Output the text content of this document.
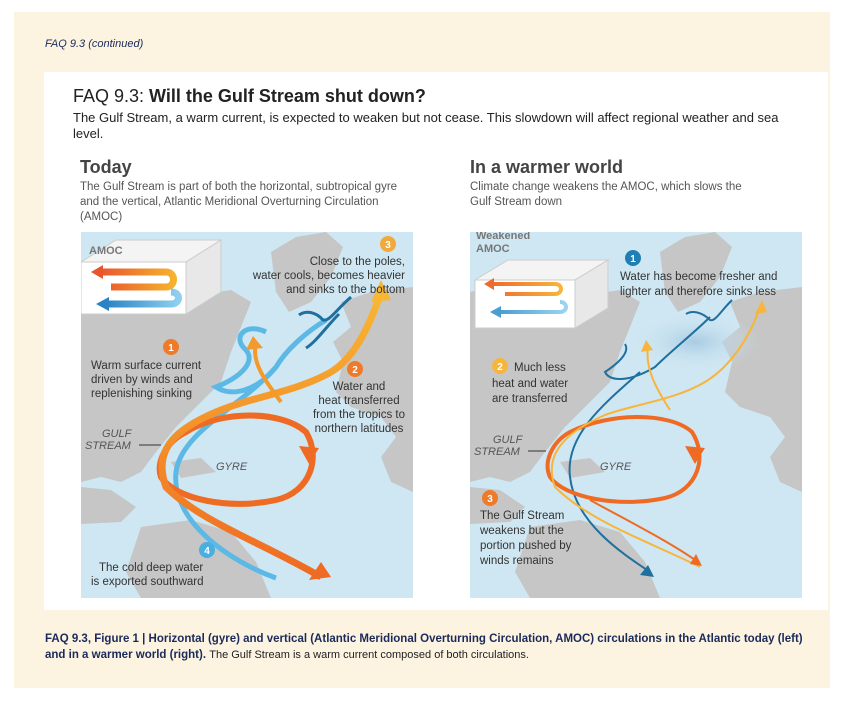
FAQ 9.3 (continued)
FAQ 9.3: Will the Gulf Stream shut down?
The Gulf Stream, a warm current, is expected to weaken but not cease. This slowdown will affect regional weather and sea level.
Today
The Gulf Stream is part of both the horizontal, subtropical gyre and the vertical, Atlantic Meridional Overturning Circulation (AMOC)
AMOC
GULF
STREAM
GYRE
1
Warm surface current
driven by winds and
replenishing sinking
2
Water and
heat transferred
from the tropics to
northern latitudes
3
Close to the poles,
water cools, becomes heavier
and sinks to the bottom
4
The cold deep water
is exported southward
In a warmer world
Climate change weakens the AMOC, which slows the Gulf Stream down
Weakened
AMOC
GULF
STREAM
GYRE
1
Water has become fresher and
lighter and therefore sinks less
2 Much less
heat and water
are transferred
3
The Gulf Stream
weakens but the
portion pushed by
winds remains
FAQ 9.3, Figure 1 | Horizontal (gyre) and vertical (Atlantic Meridional Overturning Circulation, AMOC) circulations in the Atlantic today (left) and in a warmer world (right). The Gulf Stream is a warm current composed of both circulations.
